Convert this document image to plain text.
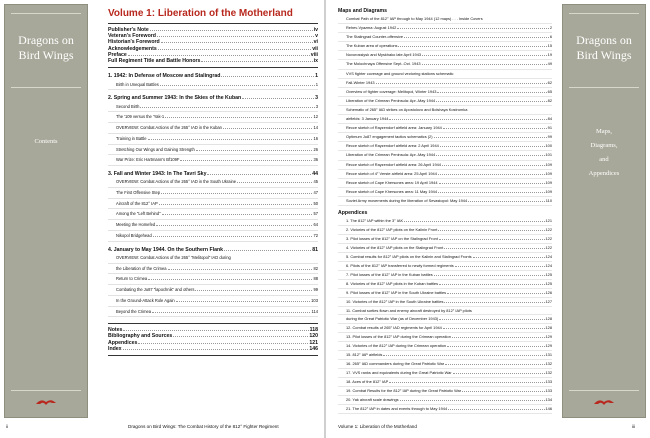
Dragons on
Bird Wings
Contents
Dragons on
Bird Wings
Maps,
Diagrams,
and
Appendices
Volume 1: Liberation of the Motherland
Publisher's Note	iv
Veteran's Foreword	v
Historian's Foreword	vi
Acknowledgements	vii
Preface	viii
Full Regiment Title and Battle Honors	ix
1. 1942: In Defense of Moscow and Stalingrad	1
Birth in Unequal Battles	1
2. Spring and Summer 1943: In the Skies of the Kuban	3
Second Birth	3
The '109 versus the 'Yak-1	12
OVERVIEW: Combat Actions of the 265° IAD in the Kuban	14
Training in Battle	16
Stretching Our Wings and Gaining Strength	26
War Prize: Eric Hartmann's Bf109F	36
3. Fall and Winter 1943: In The Tavri Sky	44
OVERVIEW: Combat Actions of the 265° IAD in the South Ukraine	45
The First Offensive Step	47
Aircraft of the 812° IAP	50
Among the "Left Behind"	57
Meeting the Homefed	64
Nikopol Bridgehead	72
4. January to May 1944. On the Southern Flank	81
OVERVIEW: Combat Actions of the 265° "Melitopol" IAD during
the Liberation of the Crimea	82
Return to Crimea	88
Combating the Ju87 "lapochnik" and others	99
In the Ground-Attack Role Again	103
Beyond the Crimea	114
Notes	118
Bibliography and Sources	120
Appendices	121
Index	146
Maps and Diagrams
Combat Path of the 812° IAP through to May 1944 (12 maps) . . . Inside Covers
Rehev-Vyazma: August 1942	2
The Stalingrad Counter-offensive	6
The Kuban area of operations	15
Novorossiysk and Myskhako late April 1943	19
The Molochnaya Offensive Sept.-Oct. 1943	49
VVS fighter coverage and ground vectoring stations schematic
Fall-Winter 1943	62
Overview of fighter coverage: Melitopol, Winter 1943	65
Liberation of the Crimean Peninsula: Apr.-May 1944	82
Schematic of 265° IAD strikes on Apostolovo and Bolshaya Kostromka
airfields: 3 January 1944	84
Recce sketch of Rayzendorf airfield area: January 1944	91
Optimum Ju87 engagement tactics schematics (2)	99
Recce sketch of Rayzendorf airfield area: 2 April 1944	100
Liberation of the Crimean Peninsula: Apr.-May 1944	101
Recce sketch of Rayzendorf airfield area: 26 April 1944	109
Recce sketch of 4° Verste airfield area: 25 April 1944	109
Recce sketch of Cape Khersones area: 19 April 1944	109
Recce sketch of Cape Khersones area: 11 May 1944	109
Soviet Army movements during the liberation of Sevastopol: May 1944	110
Appendices
1. The 812° IAP within the 3° IAK	121
2. Victories of the 812° IAP pilots on the Kalinin Front	122
3. Pilot losses of the 812° IAP on the Stalingrad Front	122
4. Victories of the 812° IAP pilots on the Stalingrad Front	122
5. Combat results for 812° IAP pilots on the Kalinin and Stalingrad Fronts	124
6. Pilots of the 812° IAP transferred to newly formed regiments	124
7. Pilot losses of the 812° IAP in the Kuban battles	125
8. Victories of the 812° IAP pilots in the Kuban battles	125
9. Pilot losses of the 812° IAP in the South Ukraine battles	126
10. Victories of the 812° IAP in the South Ukraine battles	127
11. Combat sorties flown and enemy aircraft destroyed by 812° IAP pilots
during the Great Patriotic War (as of December 1943)	128
12. Combat results of 265° IAD regiments for April 1944	128
13. Pilot losses of the 812° IAP during the Crimean operation	129
14. Victories of the 812° IAP during the Crimean operation	129
15. 812° IAP airfields	131
16. 265° IAD commanders during the Great Patriotic War	132
17. VVS ranks and equivalents during the Great Patriotic War	132
18. Aces of the 812° IAP	133
19. Combat Results for the 812° IAP during the Great Patriotic War	133
20. Yak aircraft scale drawings	134
21. The 812° IAP in dates and events through to May 1944	146
ii	Dragons on Bird Wings: The Combat History of the 812° Fighter Regiment	Volume 1: Liberation of the Motherland	iii
